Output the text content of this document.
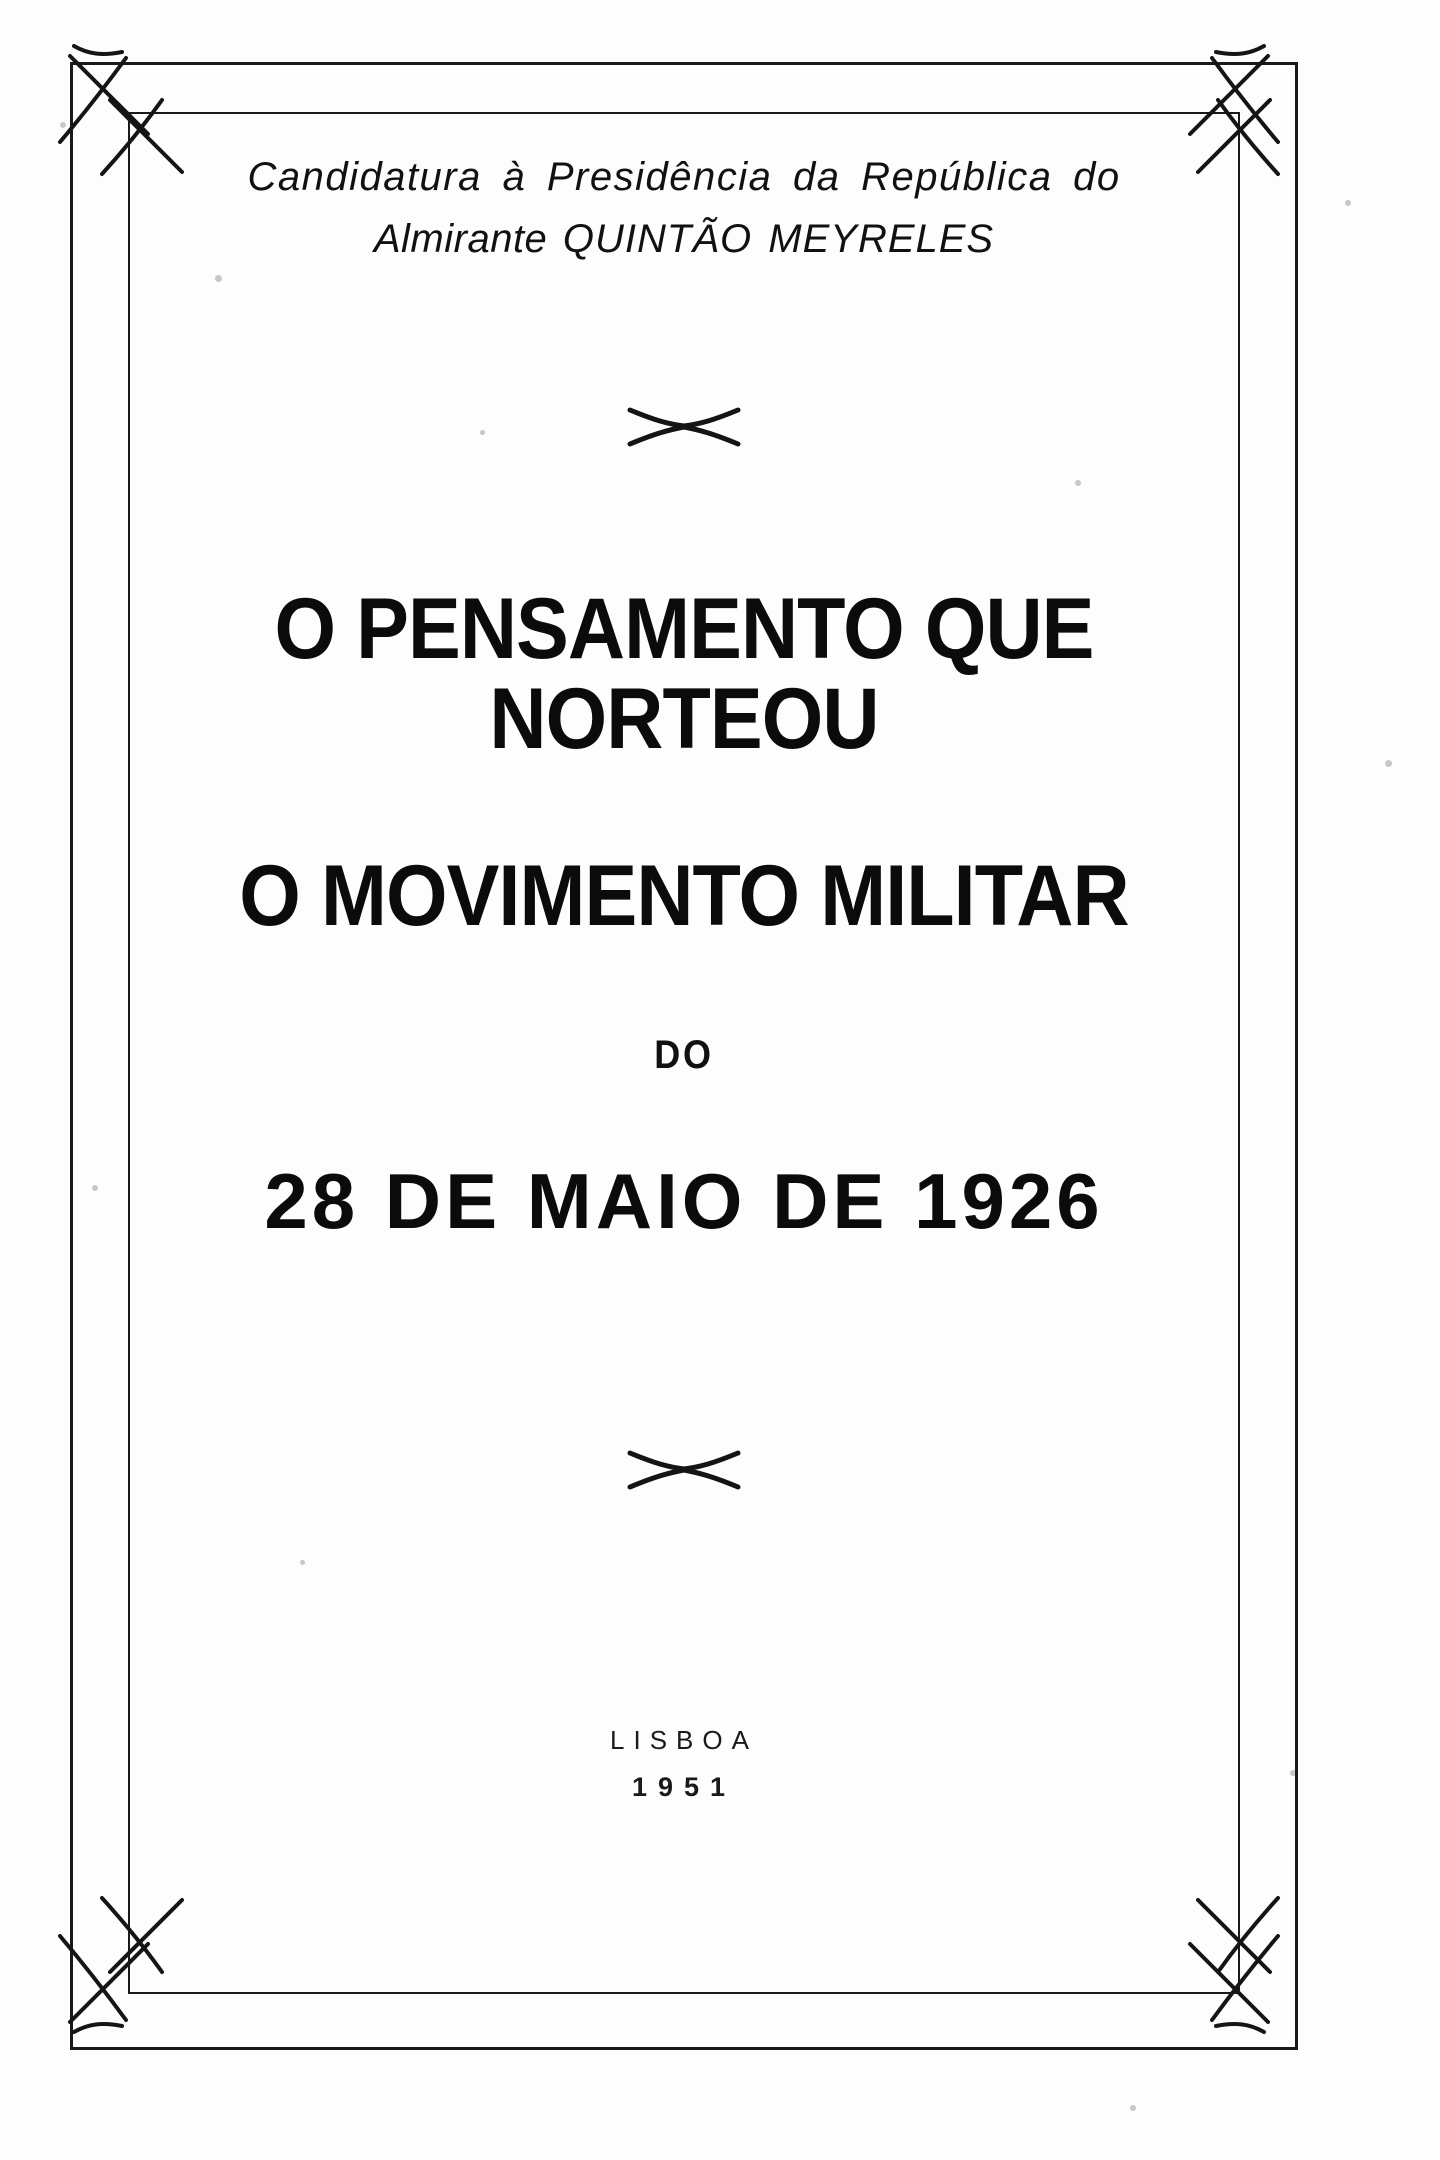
Candidatura à Presidência da República do
Almirante QUINTÃO MEYRELES
O PENSAMENTO QUE NORTEOU
O MOVIMENTO MILITAR
DO
28 DE MAIO DE 1926
LISBOA
1951
